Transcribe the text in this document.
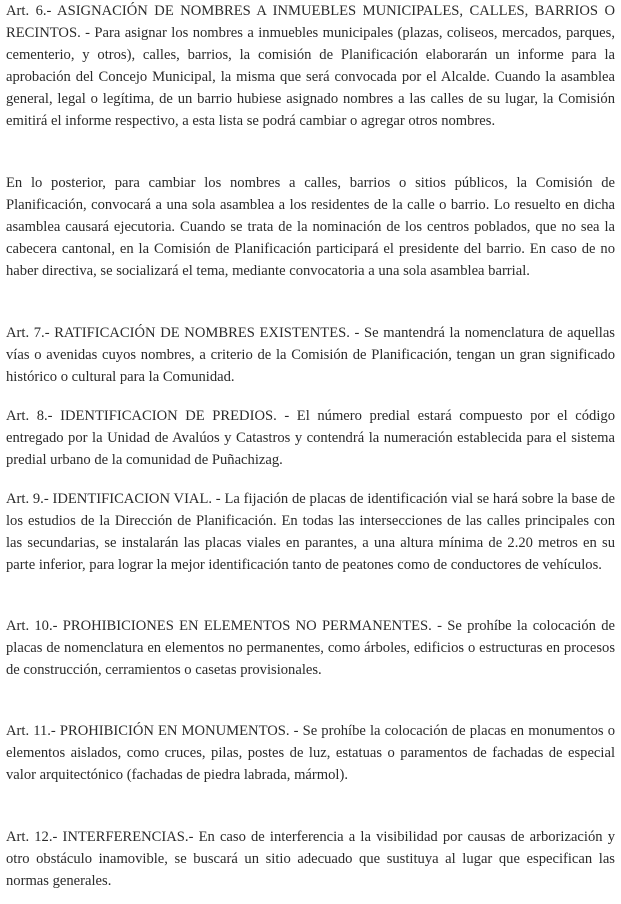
Art. 6.- ASIGNACIÓN DE NOMBRES A INMUEBLES MUNICIPALES, CALLES, BARRIOS O RECINTOS. - Para asignar los nombres a inmuebles municipales (plazas, coliseos, mercados, parques, cementerio, y otros), calles, barrios, la comisión de Planificación elaborarán un informe para la aprobación del Concejo Municipal, la misma que será convocada por el Alcalde. Cuando la asamblea general, legal o legítima, de un barrio hubiese asignado nombres a las calles de su lugar, la Comisión emitirá el informe respectivo, a esta lista se podrá cambiar o agregar otros nombres.

En lo posterior, para cambiar los nombres a calles, barrios o sitios públicos, la Comisión de Planificación, convocará a una sola asamblea a los residentes de la calle o barrio. Lo resuelto en dicha asamblea causará ejecutoria. Cuando se trata de la nominación de los centros poblados, que no sea la cabecera cantonal, en la Comisión de Planificación participará el presidente del barrio. En caso de no haber directiva, se socializará el tema, mediante convocatoria a una sola asamblea barrial.

Art. 7.- RATIFICACIÓN DE NOMBRES EXISTENTES. - Se mantendrá la nomenclatura de aquellas vías o avenidas cuyos nombres, a criterio de la Comisión de Planificación, tengan un gran significado histórico o cultural para la Comunidad.

Art. 8.- IDENTIFICACION DE PREDIOS. - El número predial estará compuesto por el código entregado por la Unidad de Avalúos y Catastros y contendrá la numeración establecida para el sistema predial urbano de la comunidad de Puñachizag.

Art. 9.- IDENTIFICACION VIAL. - La fijación de placas de identificación vial se hará sobre la base de los estudios de la Dirección de Planificación. En todas las intersecciones de las calles principales con las secundarias, se instalarán las placas viales en parantes, a una altura mínima de 2.20 metros en su parte inferior, para lograr la mejor identificación tanto de peatones como de conductores de vehículos.

Art. 10.- PROHIBICIONES EN ELEMENTOS NO PERMANENTES. - Se prohíbe la colocación de placas de nomenclatura en elementos no permanentes, como árboles, edificios o estructuras en procesos de construcción, cerramientos o casetas provisionales.

Art. 11.- PROHIBICIÓN EN MONUMENTOS. - Se prohíbe la colocación de placas en monumentos o elementos aislados, como cruces, pilas, postes de luz, estatuas o paramentos de fachadas de especial valor arquitectónico (fachadas de piedra labrada, mármol).

Art. 12.- INTERFERENCIAS.- En caso de interferencia a la visibilidad por causas de arborización y otro obstáculo inamovible, se buscará un sitio adecuado que sustituya al lugar que especifican las normas generales.
